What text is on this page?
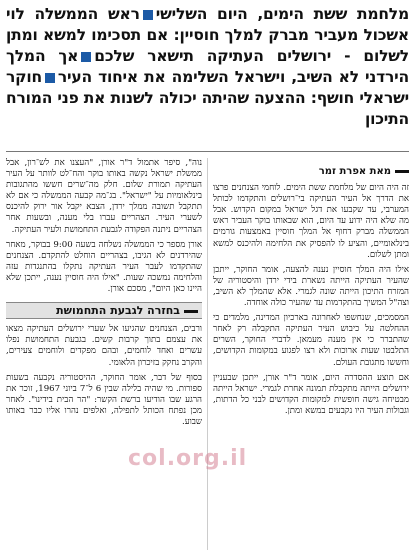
מלחמת ששת הימים, היום השלישיראש הממשלה לוי אשכול מעביר מברק למלך חוסיין: אם תסכימו למשא ומתן לשלום - ירושלים העתיקה תישאר שלכםאך המלך הירדני לא השיב, וישראל השלימה את איחוד העירחוקר ישראלי חושף: ההצעה שהיתה יכולה לשנות את פני המורח התיכון
מאת אפרת זמר

זה היה היום של מלחמת ששת הימים. לוחמי הצנחנים פרצו את הדרך אל העיר העתיקה בי־רושלים והתקדמו לכותל המערבי, עד שקבעו את דגל ישראל במקום הקדוש. אבל מה שלא היה ידוע עד היום, הוא שבאותו בוקר העביר ראש הממשלה מברק דחוף אל המלך חוסיין באמצעות גורמים בינלאומיים, והציע לו להפסיק את הלחימה ולהיכנס למשא ומתן לשלום.

אילו היה המלך חוסיין נענה להצעה, אומר החוקר, ייתכן שהעיר העתיקה הייתה נשארת בידי ירדן והיסטוריה של המזרח התיכון הייתה שונה לגמרי. אלא שהמלך לא השיב, וצה"ל המשיך בהתקדמות עד שהעיר כולה אוחדה.

המסמכים, שנחשפו לאחרונה בארכיון המדינה, מלמדים כי ההחלטה על כיבוש העיר העתיקה התקבלה רק לאחר שהתברר כי אין מענה מעמאן. לדברי החוקר, השרים התלבטו שעות ארוכות ולא רצו לפגוע במקומות הקדושים, וחששו מתגובת העולם.

אם תוצע ההסדרה היום, אומר ד"ר אורן, ייתכן שבעניין ירושלים הייתה מתקבלת תמונה אחרת לגמרי. ישראל הייתה מבטיחה גישה חופשית למקומות הקדושים לבני כל הדתות, וגבולות העיר היו נקבעים במשא ומתן.

נוה", סיפר אתמול ד"ר אורן, "העצנו את לש־רון, אבל ממשלת ישראל נקשה באותו בוקר והח־לט לוותר על העיר העתיקה תמורת שלום. חלק מה־שרים חששו מהתגובות בינלאומיות על "ישראל". בג־מה קבעה הממשלה כי אם לא תתקבל תשובה ממלך ירדן, הצבא יקבל אור ירוק להיכנס לשערי העיר. הצהריים עברו בלי מענה, ובשעות אחר הצהריים ניתנה הפקודה לגבעת התחמושת ולעיר העתיקה.

אורן מספר כי הממשלה נשלחה בשעה 9:00 בבוקר, מאחר שהירדנים לא הגיבו, בצהריים הוחלט להתקדם. הצנחנים שהתקדמו לעבר העיר העתיקה נתקלו בהתנגדות עזה והלחימה נמשכה שעות. "אילו היה חוסיין נענה, ייתכן שלא היינו כאן היום", מסכם אורן.

בחזרה לגבעת התחמושת

ורבים, הצנחנים שהגיעו אל שערי ירושלים העתיקה מצאו את עצמם בתוך קרבות קשים. בגבעת התחמושת נפלו עשרים ואחד לוחמים, ובהם מפקדים ולוחמים צעירים, והקרב נחקק בזיכרון הלאומי.

בסוף של דבר, אומר החוקר, ההיסטוריה נקבעה בשעות ספורות. מי שהיה בלילה שבין 6 ל־7 ביוני 1967, זוכר את הרגע שבו הודיעו ברשת הקשר: "הר הבית בידינו". לאחר מכן נפתח הכותל לתפילה, ואלפים נהרו אליו כבר באותו שבוע.

col.org.il
